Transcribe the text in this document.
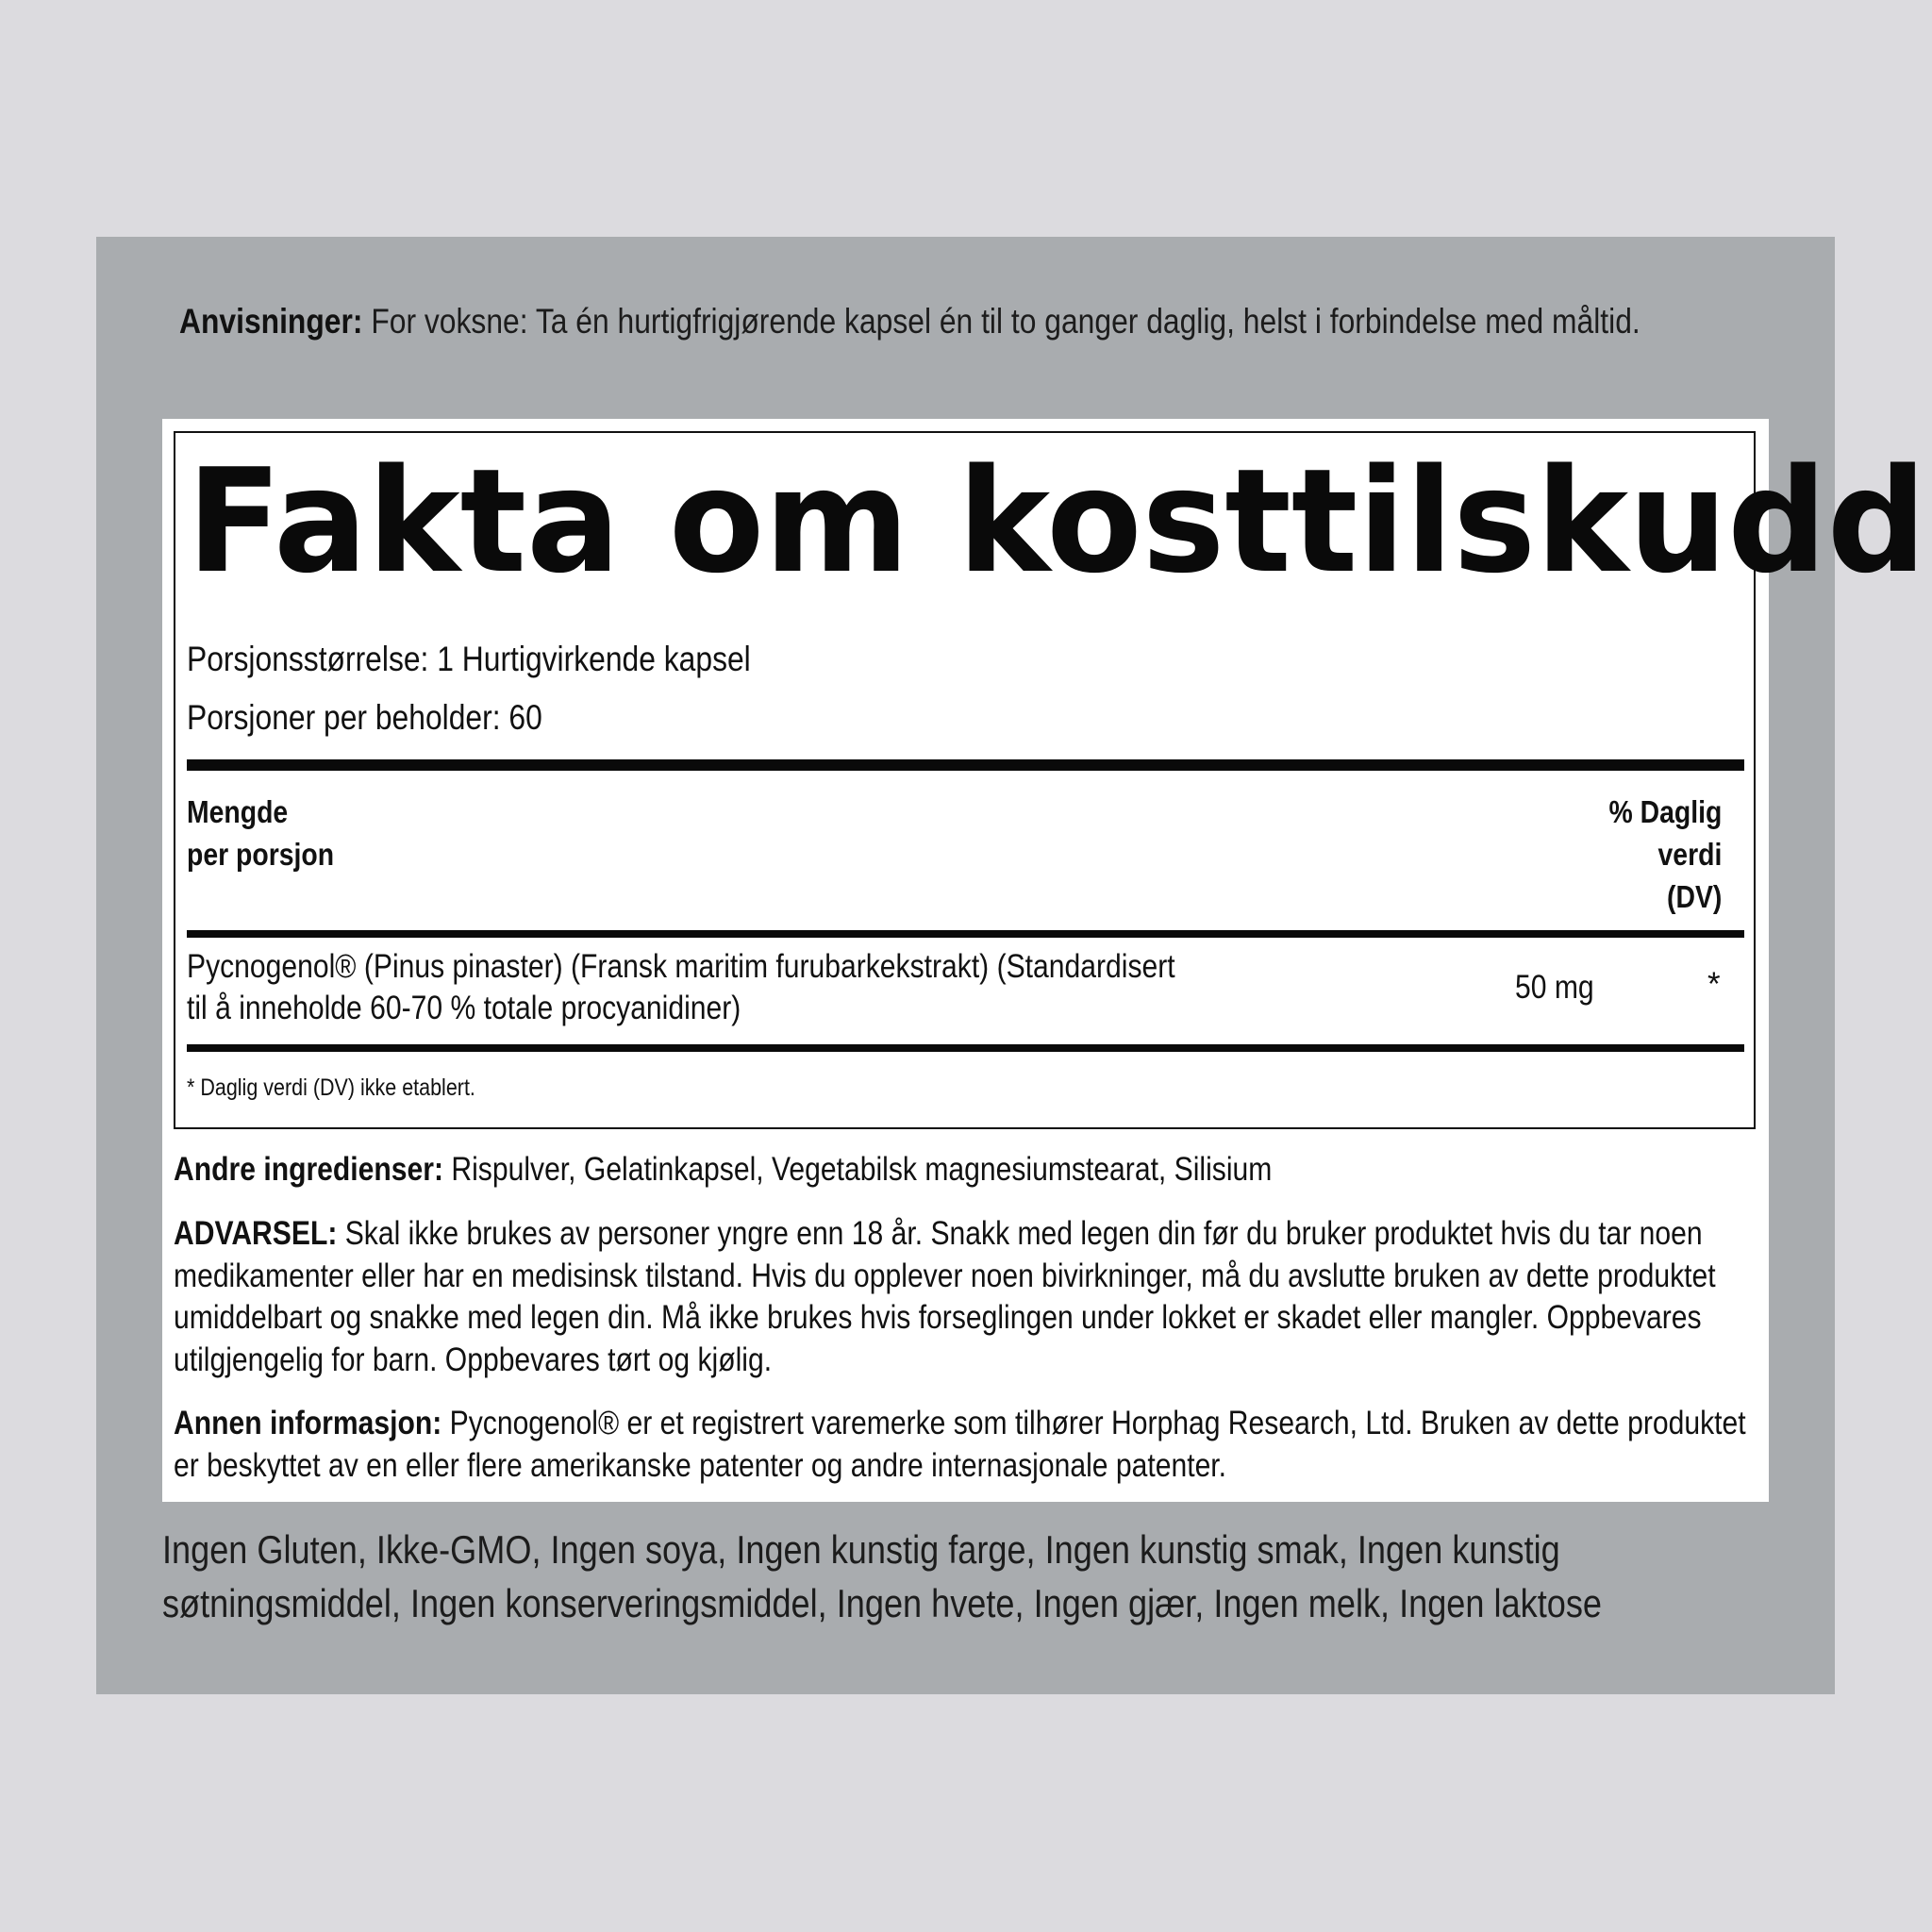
Anvisninger: For voksne: Ta én hurtigfrigjørende kapsel én til to ganger daglig, helst i forbindelse med måltid.
Fakta om kosttilskudd
Porsjonsstørrelse: 1 Hurtigvirkende kapsel
Porsjoner per beholder: 60
Mengde
per porsjon
% Daglig
verdi
(DV)
Pycnogenol® (Pinus pinaster) (Fransk maritim furubarkekstrakt) (Standardisert
til å inneholde 60-70 % totale procyanidiner)
50 mg	*
* Daglig verdi (DV) ikke etablert.
Andre ingredienser: Rispulver, Gelatinkapsel, Vegetabilsk magnesiumstearat, Silisium
ADVARSEL: Skal ikke brukes av personer yngre enn 18 år. Snakk med legen din før du bruker produktet hvis du tar noen medikamenter eller har en medisinsk tilstand. Hvis du opplever noen bivirkninger, må du avslutte bruken av dette produktet umiddelbart og snakke med legen din. Må ikke brukes hvis forseglingen under lokket er skadet eller mangler. Oppbevares utilgjengelig for barn. Oppbevares tørt og kjølig.
Annen informasjon: Pycnogenol® er et registrert varemerke som tilhører Horphag Research, Ltd. Bruken av dette produktet er beskyttet av en eller flere amerikanske patenter og andre internasjonale patenter.
Ingen Gluten, Ikke-GMO, Ingen soya, Ingen kunstig farge, Ingen kunstig smak, Ingen kunstig søtningsmiddel, Ingen konserveringsmiddel, Ingen hvete, Ingen gjær, Ingen melk, Ingen laktose
